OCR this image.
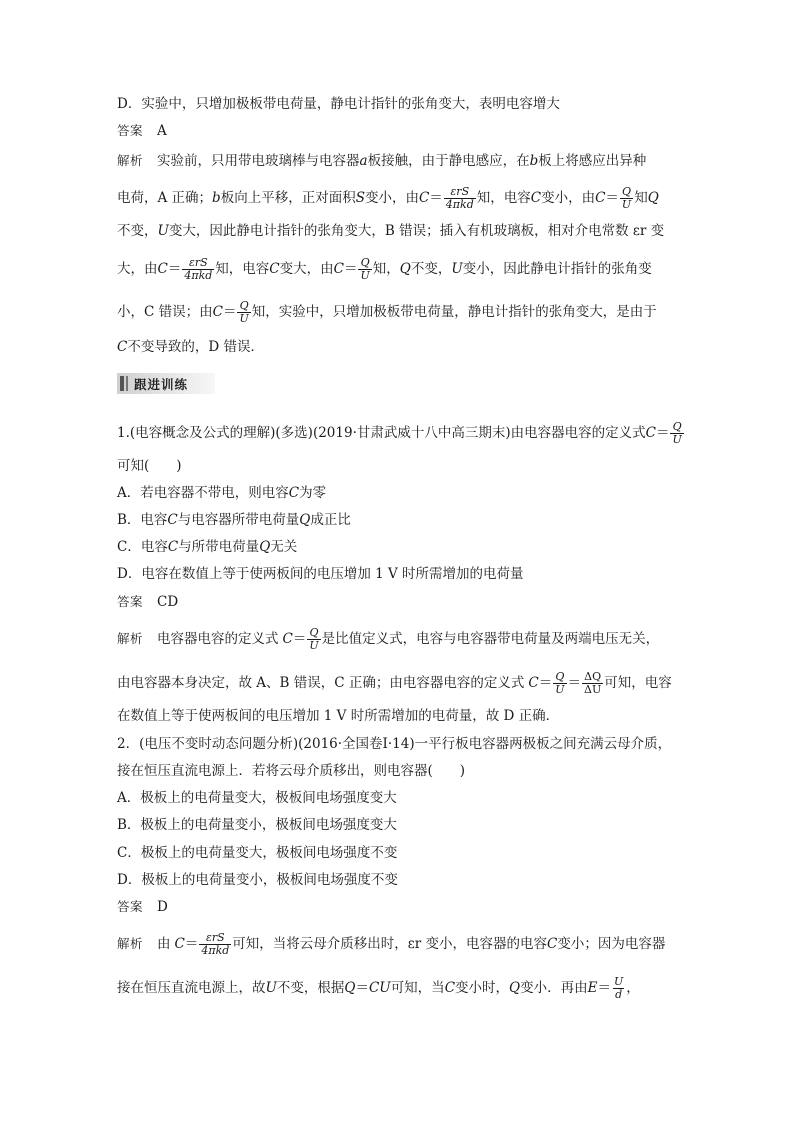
D．实验中，只增加极板带电荷量，静电计指针的张角变大，表明电容增大
答案 A
解析 实验前，只用带电玻璃棒与电容器a板接触，由于静电感应，在b板上将感应出异种
电荷，A 正确；b板向上平移，正对面积S变小，由$C= \frac{\text{εrS}}{\text{4πkd}}$ 知，电容C变小，由$C= \frac{Q}{U}$ 知Q
不变，U变大，因此静电计指针的张角变大，B 错误；插入有机玻璃板，相对介电常数 εr 变
大，由$C= \frac{\text{εrS}}{\text{4πkd}}$ 知，电容C变大，由$C= \frac{Q}{U}$ 知，Q不变，U变小，因此静电计指针的张角变
小，C 错误；由$C= \frac{Q}{U}$ 知，实验中，只增加极板带电荷量，静电计指针的张角变大，是由于
C不变导致的，D 错误．
跟进训练
1.(电容概念及公式的理解)(多选)(2019·甘肃武威十八中高三期末)由电容器电容的定义式$C= \frac{Q}{U}$
可知(　　)
A．若电容器不带电，则电容C为零
B．电容C与电容器所带电荷量Q成正比
C．电容C与所带电荷量Q无关
D．电容在数值上等于使两板间的电压增加 1 V 时所需增加的电荷量
答案 CD
解析 电容器电容的定义式 $C= \frac{Q}{U}$ 是比值定义式，电容与电容器带电荷量及两端电压无关，
由电容器本身决定，故 A、B 错误，C 正确；由电容器电容的定义式 $C= \frac{Q}{U} = \frac{\Delta Q}{\Delta U}$ 可知，电容
在数值上等于使两板间的电压增加 1 V 时所需增加的电荷量，故 D 正确．
2．(电压不变时动态问题分析)(2016·全国卷Ⅰ·14)一平行板电容器两极板之间充满云母介质，
接在恒压直流电源上．若将云母介质移出，则电容器(　　)
A．极板上的电荷量变大，极板间电场强度变大
B．极板上的电荷量变小，极板间电场强度变大
C．极板上的电荷量变大，极板间电场强度不变
D．极板上的电荷量变小，极板间电场强度不变
答案 D
解析 由 $C= \frac{\text{εrS}}{\text{4πkd}}$ 可知，当将云母介质移出时，εr 变小，电容器的电容C变小；因为电容器
接在恒压直流电源上，故U不变，根据Q＝CU可知，当C变小时，Q变小．再由$E= \frac{U}{d}$ ，
